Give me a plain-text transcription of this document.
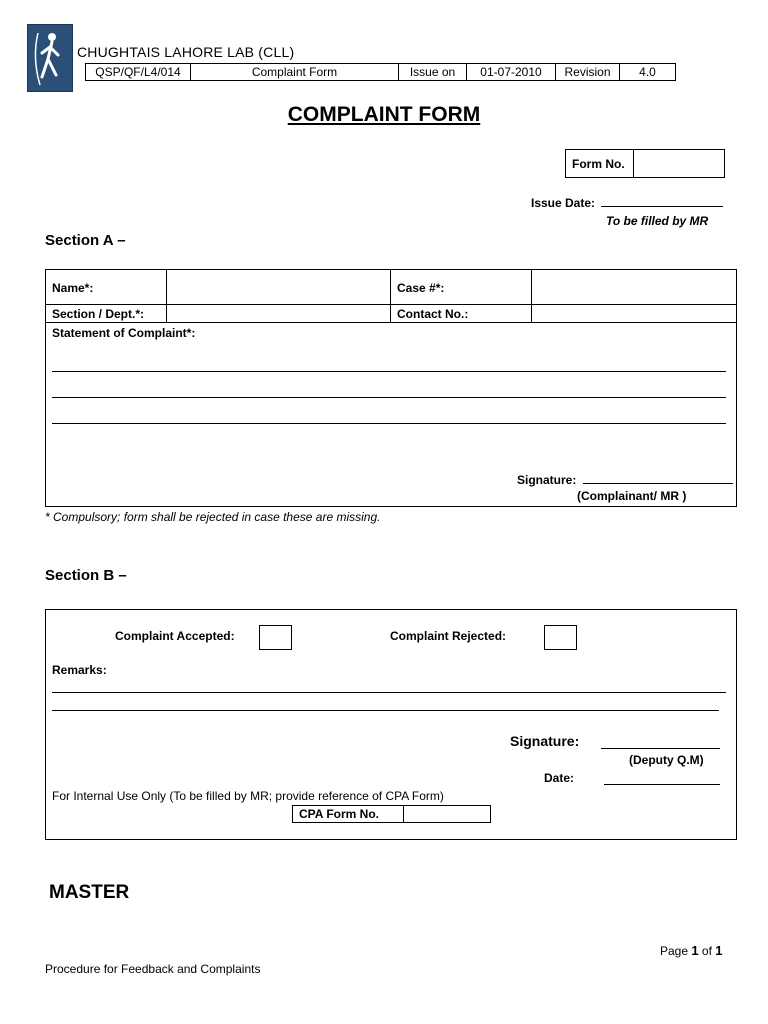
CHUGHTAIS LAHORE LAB (CLL)
QSP/QF/L4/014	Complaint Form	Issue on	01-07-2010	Revision	4.0
COMPLAINT FORM
Form No.
Issue Date:
To be filled by MR
Section A –
Name*:	Case #*:
Section / Dept.*:	Contact No.:
Statement of Complaint*:
Signature:
(Complainant/ MR )
* Compulsory; form shall be rejected in case these are missing.
Section B –
Complaint Accepted:	Complaint Rejected:
Remarks:
Signature:
(Deputy Q.M)
Date:
For Internal Use Only (To be filled by MR; provide reference of CPA Form)
CPA Form No.
MASTER
Page 1 of 1
Procedure for Feedback and Complaints
